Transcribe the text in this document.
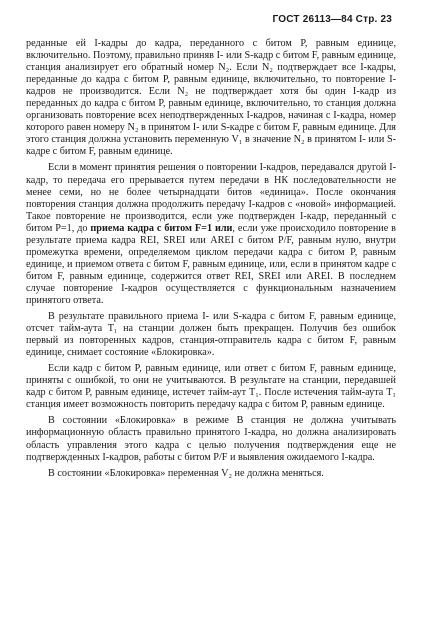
ГОСТ 26113—84 Стр. 23

реданные ей I-кадры до кадра, переданного с битом P, равным единице, включительно. Поэтому, правильно приняв I- или S-кадр с битом F, равным единице, станция анализирует его обратный номер N₂. Если N₂ подтверждает все I-кадры, переданные до кадра с битом P, равным единице, включительно, то повторение I-кадров не производится. Если N₂ не подтверждает хотя бы один I-кадр из переданных до кадра с битом P, равным единице, включительно, то станция должна организовать повторение всех неподтвержденных I-кадров, начиная с I-кадра, номер которого равен номеру N₂ в принятом I- или S-кадре с битом F, равным единице. Для этого станция должна установить переменную V₁ в значение N₂ в принятом I- или S-кадре с битом F, равным единице.

Если в момент принятия решения о повторении I-кадров, передавался другой I-кадр, то передача его прерывается путем передачи в НК последовательности не менее семи, но не более четырнадцати битов «единица». После окончания повторения станция должна продолжить передачу I-кадров с «новой» информацией. Такое повторение не производится, если уже подтвержден I-кадр, переданный с битом P=1, до приема кадра с битом F=1 или, если уже происходило повторение в результате приема кадра REI, SREI или AREI с битом P/F, равным нулю, внутри промежутка времени, определяемом циклом передачи кадра с битом P, равным единице, и приемом ответа с битом F, равным единице, или, если в принятом кадре с битом F, равным единице, содержится ответ REI, SREI или AREI. В последнем случае повторение I-кадров осуществляется с функциональным назначением принятого ответа.

В результате правильного приема I- или S-кадра с битом F, равным единице, отсчет тайм-аута T₁ на станции должен быть прекращен. Получив без ошибок первый из повторенных кадров, станция-отправитель кадра с битом F, равным единице, снимает состояние «Блокировка».

Если кадр с битом P, равным единице, или ответ с битом F, равным единице, приняты с ошибкой, то они не учитываются. В результате на станции, передавшей кадр с битом P, равным единице, истечет тайм-аут T₁. После истечения тайм-аута T₁ станция имеет возможность повторить передачу кадра с битом P, равным единице.

В состоянии «Блокировка» в режиме В станция не должна учитывать информационную область правильно принятого I-кадра, но должна анализировать область управления этого кадра с целью получения подтверждения еще не подтвержденных I-кадров, работы с битом P/F и выявления ожидаемого I-кадра.

В состоянии «Блокировка» переменная V₂ не должна меняться.
